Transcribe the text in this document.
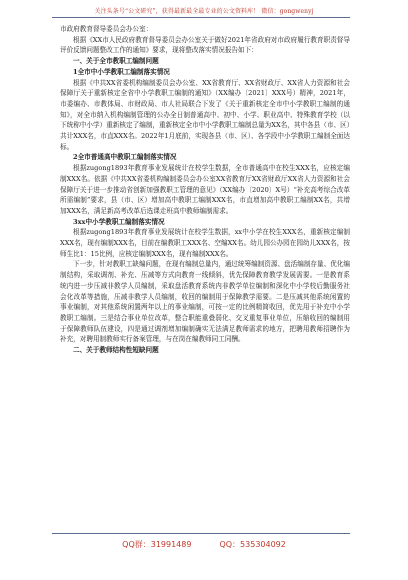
关注头条号“公文研究”，获得最新最全最专业的公文资料库！ 微信：gongwenyj

市政府教育督导委员会办公室：

根据《XX市人民政府教育督导委员会办公室关于做好2021年省政府对市政府履行教育职责督导评价反馈问题整改工作的通知》要求，现将整改落实情况报告如下：

一、关于全市教职工编制问题

1全市中小学教职工编制落实情况

根据《中共XX省委机构编制委员会办公室、XX省教育厅、XX省财政厅、XX省人力资源和社会保障厅关于重新核定全省中小学教职工编制的通知》（XX编办〔2021〕XXX号）精神，2021年，市委编办、市教体局、市财政局、市人社局联合下发了《关于重新核定全市中小学教职工编制的通知》，对全市纳入机构编制管理的公办全日制普通高中、初中、小学、职业高中、特殊教育学校（以下统称中小学）重新核定了编制，重新核定全市中小学教职工编制总量为XX名，其中各县（市、区）共计XXX名，市直XXX名。2022年1月底前，实现各县（市、区）、各学段中小学教职工编制全面达标。

2全市普通高中教职工编制落实情况

根据zugong1893年教育事业发展统计在校学生数据，全市普通高中在校生XXX名，应核定编制XXX名。依据《中共XX省委机构编制委员会办公室XX省教育厅XX省财政厅XX省人力资源和社会保障厅关于进一步推动省创新加强教职工管理的意见》（XX编办〔2020〕X号）“补充高考综合改革所需编制”要求，县（市、区）增加高中教职工编制XXX名，市直增加高中教职工编制XX名，共增加XXX名，满足新高考改革后选课走班高中教师编制需求。

3xx中小学教职工编制落实情况

根据zugong1893年教育事业发展统计在校学生数据，xx中小学在校生XXX名，重新核定编制XXX名，现有编制XXX名，目前在编教职工XXX名、空编XX名。幼儿园公办园在园幼儿XXX名，按师生比1：15比例，应核定编制XXX名，现有编制XXX名。

下一步，针对教职工缺编问题，在现有编制总量内，通过统筹编制资源、盘活编制存量、优化编制结构，采取调剂、补充、压减等方式向教育一线倾斜，优先保障教育教学发展需要。一是教育系统内进一步压减非教学人员编制，采取盘活教育系统内非教学单位编制和深化中小学校后勤服务社会化改革等措施，压减非教学人员编制，收回的编制用于保障教学需要。二是压减其他系统闲置的事业编制，对其他系统闲置两年以上的事业编制，可按一定的比例精简收回，优先用于补充中小学教职工编制。三是结合事业单位改革，整合职能重叠弱化、交叉重复事业单位，压缩收回的编制用于保障教师队伍建设，四是通过调剂增加编制确实无法满足教师需求的地方，把聘用教师招聘作为补充，对聘用制教师实行备案管理，与在岗在编教师同工同酬。

二、关于教师结构性短缺问题

QQ群：31991489	QQ：535304092
